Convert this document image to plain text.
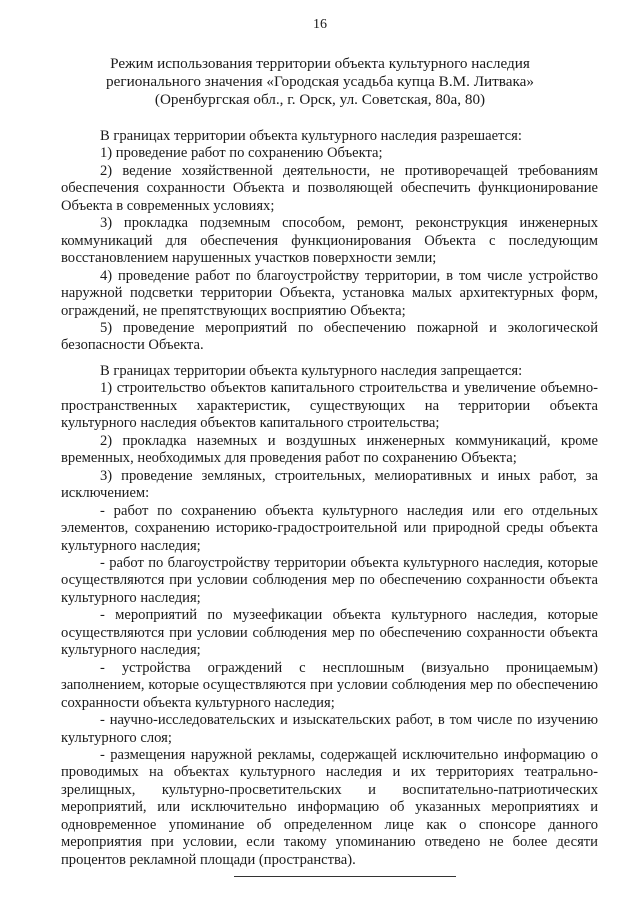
16
Режим использования территории объекта культурного наследия
регионального значения «Городская усадьба купца В.М. Литвака»
(Оренбургская обл., г. Орск, ул. Советская, 80а, 80)

В границах территории объекта культурного наследия разрешается:

1) проведение работ по сохранению Объекта;

2) ведение хозяйственной деятельности, не противоречащей требованиям обеспечения сохранности Объекта и позволяющей обеспечить функционирование Объекта в современных условиях;

3) прокладка подземным способом, ремонт, реконструкция инженерных коммуникаций для обеспечения функционирования Объекта с последующим восстановлением нарушенных участков поверхности земли;

4) проведение работ по благоустройству территории, в том числе устройство наружной подсветки территории Объекта, установка малых архитектурных форм, ограждений, не препятствующих восприятию Объекта;

5) проведение мероприятий по обеспечению пожарной и экологической безопасности Объекта.

В границах территории объекта культурного наследия запрещается:

1) строительство объектов капитального строительства и увеличение объемно-пространственных характеристик, существующих на территории объекта культурного наследия объектов капитального строительства;

2) прокладка наземных и воздушных инженерных коммуникаций, кроме временных, необходимых для проведения работ по сохранению Объекта;

3) проведение земляных, строительных, мелиоративных и иных работ, за исключением:

- работ по сохранению объекта культурного наследия или его отдельных элементов, сохранению историко-градостроительной или природной среды объекта культурного наследия;

- работ по благоустройству территории объекта культурного наследия, которые осуществляются при условии соблюдения мер по обеспечению сохранности объекта культурного наследия;

- мероприятий по музеефикации объекта культурного наследия, которые осуществляются при условии соблюдения мер по обеспечению сохранности объекта культурного наследия;

- устройства ограждений с несплошным (визуально проницаемым) заполнением, которые осуществляются при условии соблюдения мер по обеспечению сохранности объекта культурного наследия;

- научно-исследовательских и изыскательских работ, в том числе по изучению культурного слоя;

- размещения наружной рекламы, содержащей исключительно информацию о проводимых на объектах культурного наследия и их территориях театрально-зрелищных, культурно-просветительских и воспитательно-патриотических мероприятий, или исключительно информацию об указанных мероприятиях и одновременное упоминание об определенном лице как о спонсоре данного мероприятия при условии, если такому упоминанию отведено не более десяти процентов рекламной площади (пространства).
